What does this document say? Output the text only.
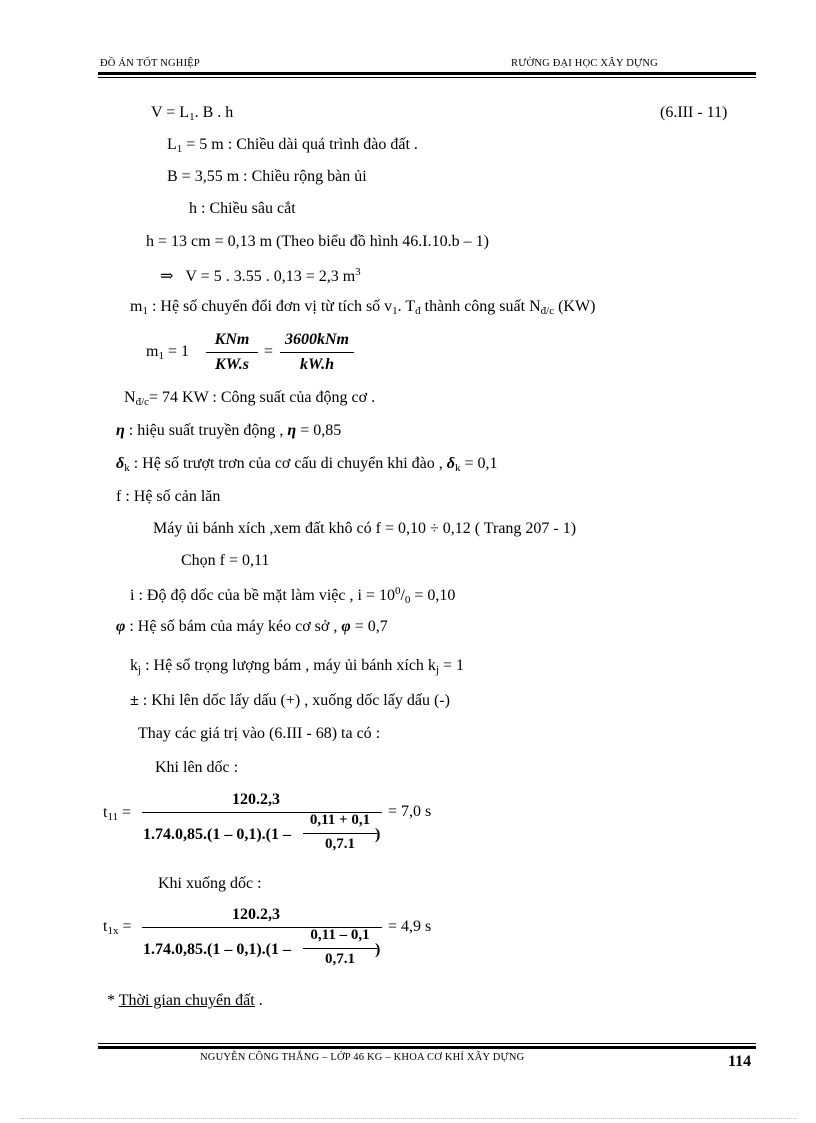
ĐỒ ÁN TỐT NGHIỆP	RƯỜNG ĐẠI HỌC XÂY DỰNG
$V = L_1$. B . h	(6.III - 11)
$L_1 = 5$ m : Chiều dài quá trình đào đất .
B = 3,55 m : Chiều rộng bàn ủi
h : Chiều sâu cắt
h = 13 cm = 0,13 m (Theo biểu đồ hình 46.I.10.b – 1)
⇒ V = 5 . 3.55 . 0,13 = 2,3 $m^3$
$m_1$ : Hệ số chuyển đổi đơn vị từ tích số $v_1$. $T_đ$ thành công suất $N_{đ/c}$ (KW)
$m_1 = 1$
KNm
KW.s
=
3600kNm
kW.h
$N_{đ/c}= 74$ KW : Công suất của động cơ .
η : hiệu suất truyền động , η = 0,85
$\delta_k$ : Hệ số trượt trơn của cơ cấu di chuyển khi đào , $\delta_k = 0,1$
f : Hệ số cản lăn
Máy ủi bánh xích ,xem đất khô có f = 0,10 ÷ 0,12 ( Trang 207 - 1)
Chọn f = 0,11
i : Độ độ dốc của bề mặt làm việc , $i = 10^0/_0 = 0,10$
φ : Hệ số bám của máy kéo cơ sở , φ = 0,7
$k_j$ : Hệ số trọng lượng bám , máy ủi bánh xích $k_j = 1$
± : Khi lên dốc lấy dấu (+) , xuống dốc lấy dấu (-)
Thay các giá trị vào (6.III - 68) ta có :
Khi lên dốc :
$t_{11}$ =
120.2,3
0,11 + 0,1
1.74.0,85.(1 – 0,1).(1 –	)
0,7.1
= 7,0 s
Khi xuống dốc :
$t_{1x}$ =
120.2,3
0,11 – 0,1
1.74.0,85.(1 – 0,1).(1 –	)
0,7.1
= 4,9 s
* Thời gian chuyển đất .
NGUYỄN CÔNG THẮNG – LỚP 46 KG – KHOA CƠ KHÍ XÂY DỰNG	114
